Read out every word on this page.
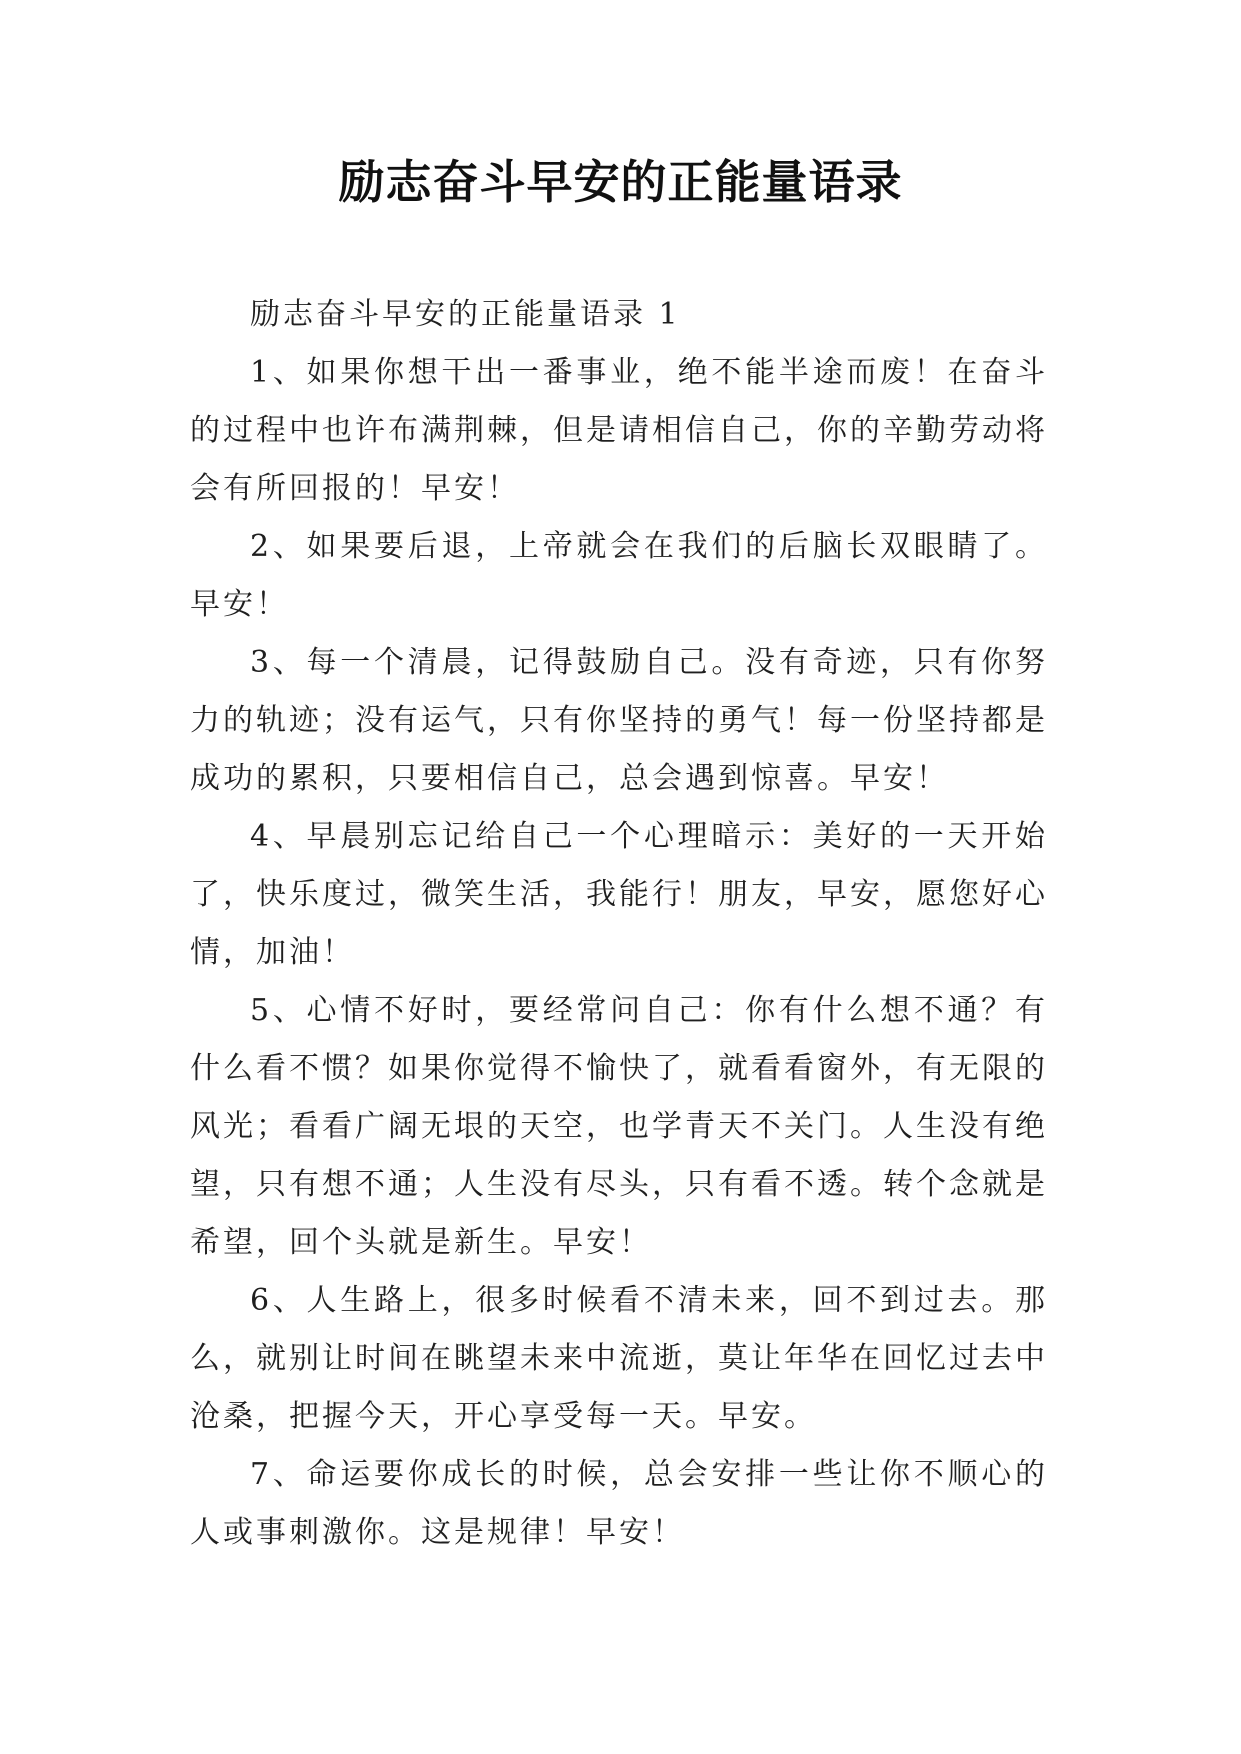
励志奋斗早安的正能量语录

励志奋斗早安的正能量语录 1

1、如果你想干出一番事业，绝不能半途而废！在奋斗的过程中也许布满荆棘，但是请相信自己，你的辛勤劳动将会有所回报的！早安！

2、如果要后退，上帝就会在我们的后脑长双眼睛了。早安！

3、每一个清晨，记得鼓励自己。没有奇迹，只有你努力的轨迹；没有运气，只有你坚持的勇气！每一份坚持都是成功的累积，只要相信自己，总会遇到惊喜。早安！

4、早晨别忘记给自己一个心理暗示：美好的一天开始了，快乐度过，微笑生活，我能行！朋友，早安，愿您好心情，加油！

5、心情不好时，要经常问自己：你有什么想不通？有什么看不惯？如果你觉得不愉快了，就看看窗外，有无限的风光；看看广阔无垠的天空，也学青天不关门。人生没有绝望，只有想不通；人生没有尽头，只有看不透。转个念就是希望，回个头就是新生。早安！

6、人生路上，很多时候看不清未来，回不到过去。那么，就别让时间在眺望未来中流逝，莫让年华在回忆过去中沧桑，把握今天，开心享受每一天。早安。

7、命运要你成长的时候，总会安排一些让你不顺心的人或事刺激你。这是规律！早安！
